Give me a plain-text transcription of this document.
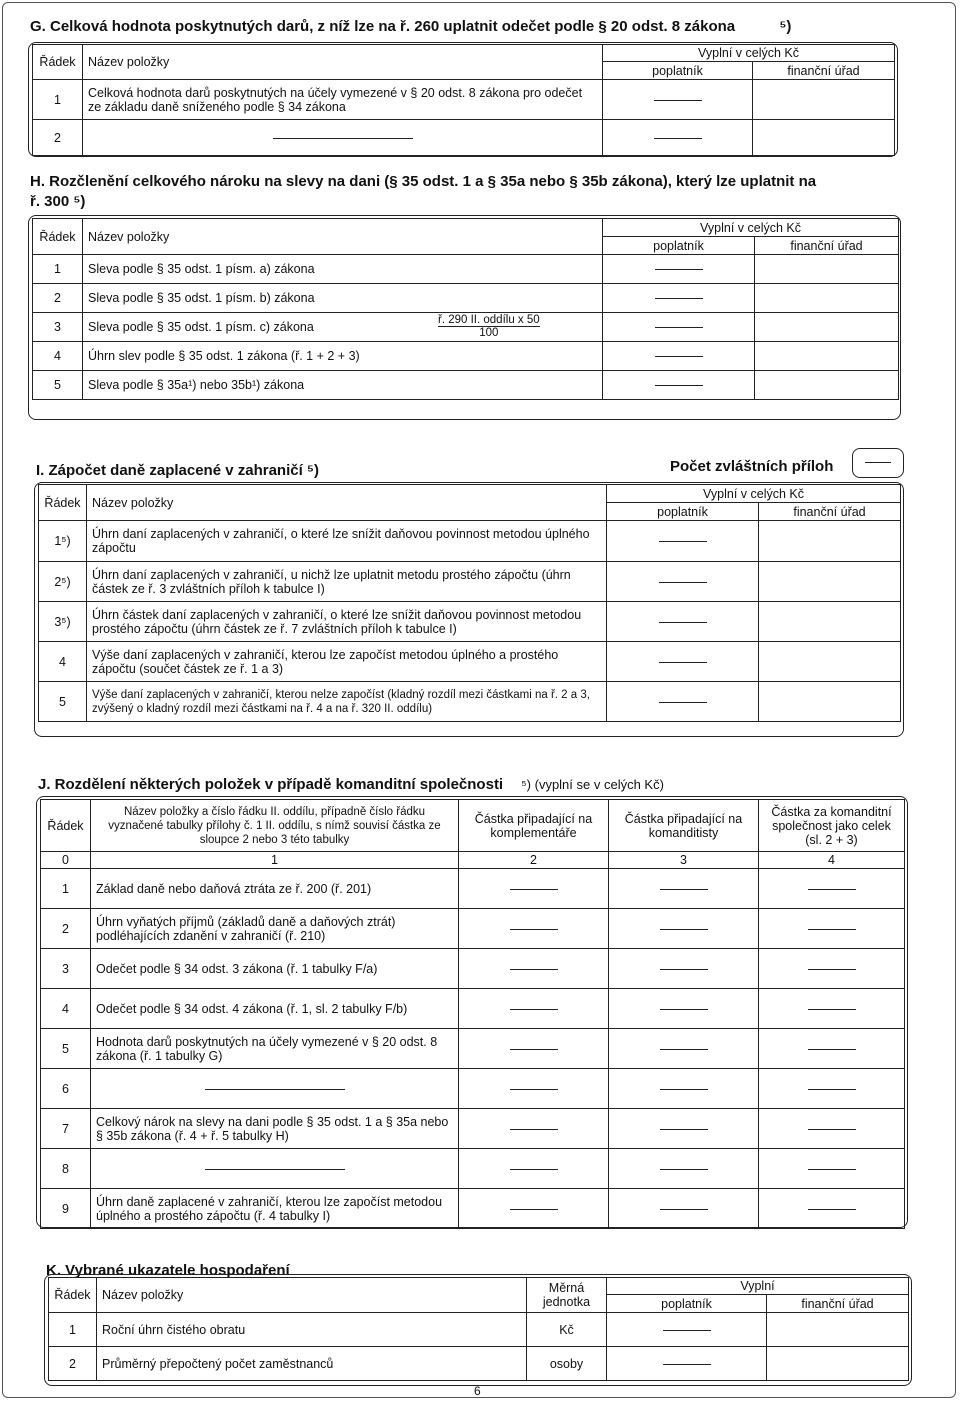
G. Celková hodnota poskytnutých darů, z níž lze na ř. 260 uplatnit odečet podle § 20 odst. 8 zákona	⁵)
Řádek	Název položky	Vyplní v celých Kč	
		poplatník	finanční úřad
1	Celková hodnota darů poskytnutých na účely vymezené v § 20 odst. 8 zákona pro odečet ze základu daně sníženého podle § 34 zákona		
2			
H. Rozčlenění celkového nároku na slevy na dani (§ 35 odst. 1 a § 35a nebo § 35b zákona), který lze uplatnit na ř. 300 ⁵)
Řádek	Název položky	Vyplní v celých Kč	
		poplatník	finanční úřad
1	Sleva podle § 35 odst. 1 písm. a) zákona		
2	Sleva podle § 35 odst. 1 písm. b) zákona		
3	Sleva podle § 35 odst. 1 písm. c) zákona ř. 290 II. oddílu x 50
100		

4	Úhrn slev podle § 35 odst. 1 zákona (ř. 1 + 2 + 3)		
5	Sleva podle § 35a¹) nebo 35b¹) zákona		
I. Zápočet daně zaplacené v zahraničí ⁵)	Počet zvláštních příloh
Řádek	Název položky	Vyplní v celých Kč	
		poplatník	finanční úřad
1⁵)	Úhrn daní zaplacených v zahraničí, o které lze snížit daňovou povinnost metodou úplného zápočtu		
2⁵)	Úhrn daní zaplacených v zahraničí, u nichž lze uplatnit metodu prostého zápočtu (úhrn částek ze ř. 3 zvláštních příloh k tabulce I)		
3⁵)	Úhrn částek daní zaplacených v zahraničí, o které lze snížit daňovou povinnost metodou prostého zápočtu (úhrn částek ze ř. 7 zvláštních příloh k tabulce I)		
4	Výše daní zaplacených v zahraničí, kterou lze započíst metodou úplného a prostého zápočtu (součet částek ze ř. 1 a 3)		
5	Výše daní zaplacených v zahraničí, kterou nelze započíst (kladný rozdíl mezi částkami na ř. 2 a 3, zvýšený o kladný rozdíl mezi částkami na ř. 4 a na ř. 320 II. oddílu)		
J. Rozdělení některých položek v případě komanditní společnosti ⁵) (vyplní se v celých Kč)
Řádek	Název položky a číslo řádku II. oddílu, případně číslo řádku vyznačené tabulky přílohy č. 1 II. oddílu, s nímž souvisí částka ze sloupce 2 nebo 3 této tabulky	Částka připadající na komplementáře	Částka připadající na komanditisty	Částka za komanditní společnost jako celek (sl. 2 + 3)
0	1	2	3	4
1	Základ daně nebo daňová ztráta ze ř. 200 (ř. 201)			
2	Úhrn vyňatých příjmů (základů daně a daňových ztrát) podléhajících zdanění v zahraničí (ř. 210)			
3	Odečet podle § 34 odst. 3 zákona (ř. 1 tabulky F/a)			
4	Odečet podle § 34 odst. 4 zákona (ř. 1, sl. 2 tabulky F/b)			
5	Hodnota darů poskytnutých na účely vymezené v § 20 odst. 8 zákona (ř. 1 tabulky G)			
6				
7	Celkový nárok na slevy na dani podle § 35 odst. 1 a § 35a nebo § 35b zákona (ř. 4 + ř. 5 tabulky H)			
8				
9	Úhrn daně zaplacené v zahraničí, kterou lze započíst metodou úplného a prostého zápočtu (ř. 4 tabulky I)			
K. Vybrané ukazatele hospodaření
Řádek	Název položky	Měrná jednotka	Vyplní	
			poplatník	finanční úřad
1	Roční úhrn čistého obratu	Kč		
2	Průměrný přepočtený počet zaměstnanců	osoby		
6
